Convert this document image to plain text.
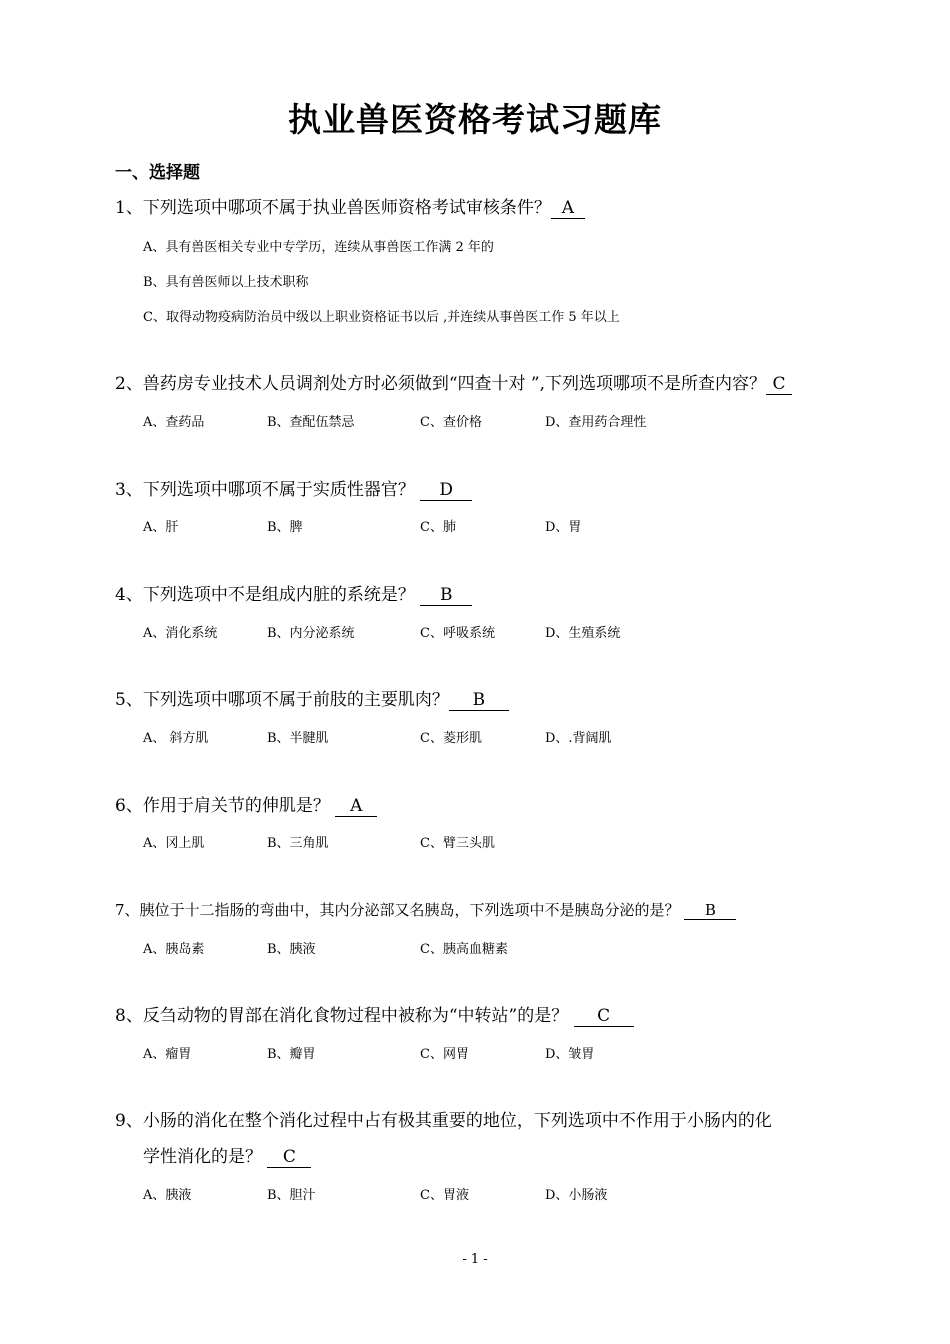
执业兽医资格考试习题库
一、选择题
1、下列选项中哪项不属于执业兽医师资格考试审核条件？ A
A、具有兽医相关专业中专学历，连续从事兽医工作满 2 年的
B、具有兽医师以上技术职称
C、取得动物疫病防治员中级以上职业资格证书以后 ,并连续从事兽医工作 5 年以上
2、兽药房专业技术人员调剂处方时必须做到“四查十对 ”,下列选项哪项不是所查内容？ C
A、查药品	B、查配伍禁忌	C、查价格	D、查用药合理性
3、下列选项中哪项不属于实质性器官？ D
A、肝	B、脾	C、肺	D、胃
4、下列选项中不是组成内脏的系统是？ B
A、消化系统	B、内分泌系统	C、呼吸系统	D、生殖系统
5、下列选项中哪项不属于前肢的主要肌肉？ B
A、 斜方肌	B、半腱肌	C、菱形肌	D、.背阔肌
6、作用于肩关节的伸肌是？ A
A、冈上肌	B、三角肌	C、臂三头肌
7、胰位于十二指肠的弯曲中，其内分泌部又名胰岛，下列选项中不是胰岛分泌的是？ B
A、胰岛素	B、胰液	C、胰高血糖素
8、反刍动物的胃部在消化食物过程中被称为“中转站”的是？ C
A、瘤胃	B、瓣胃	C、网胃	D、皱胃
9、小肠的消化在整个消化过程中占有极其重要的地位，下列选项中不作用于小肠内的化
学性消化的是？ C
A、胰液	B、胆汁	C、胃液	D、小肠液
- 1 -
